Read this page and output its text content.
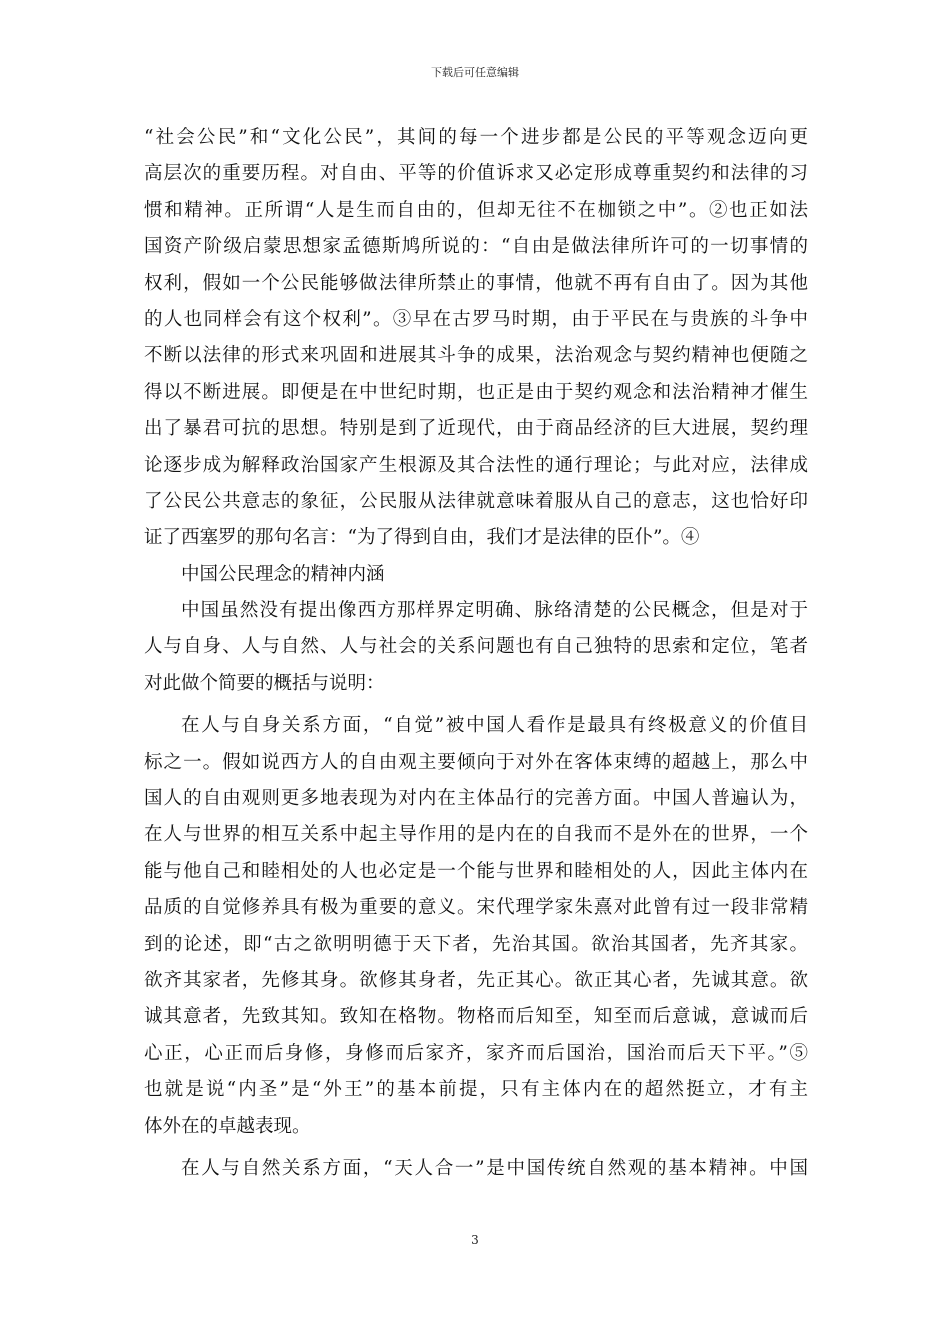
下载后可任意编辑
“社会公民”和“文化公民”，其间的每一个进步都是公民的平等观念迈向更
高层次的重要历程。对自由、平等的价值诉求又必定形成尊重契约和法律的习
惯和精神。正所谓“人是生而自由的，但却无往不在枷锁之中”。②也正如法
国资产阶级启蒙思想家孟德斯鸠所说的：“自由是做法律所许可的一切事情的
权利，假如一个公民能够做法律所禁止的事情，他就不再有自由了。因为其他
的人也同样会有这个权利”。③早在古罗马时期，由于平民在与贵族的斗争中
不断以法律的形式来巩固和进展其斗争的成果，法治观念与契约精神也便随之
得以不断进展。即便是在中世纪时期，也正是由于契约观念和法治精神才催生
出了暴君可抗的思想。特别是到了近现代，由于商品经济的巨大进展，契约理
论逐步成为解释政治国家产生根源及其合法性的通行理论；与此对应，法律成
了公民公共意志的象征，公民服从法律就意味着服从自己的意志，这也恰好印
证了西塞罗的那句名言：“为了得到自由，我们才是法律的臣仆”。④
中国公民理念的精神内涵
中国虽然没有提出像西方那样界定明确、脉络清楚的公民概念，但是对于
人与自身、人与自然、人与社会的关系问题也有自己独特的思索和定位，笔者
对此做个简要的概括与说明：
在人与自身关系方面，“自觉”被中国人看作是最具有终极意义的价值目
标之一。假如说西方人的自由观主要倾向于对外在客体束缚的超越上，那么中
国人的自由观则更多地表现为对内在主体品行的完善方面。中国人普遍认为，
在人与世界的相互关系中起主导作用的是内在的自我而不是外在的世界，一个
能与他自己和睦相处的人也必定是一个能与世界和睦相处的人，因此主体内在
品质的自觉修养具有极为重要的意义。宋代理学家朱熹对此曾有过一段非常精
到的论述，即“古之欲明明德于天下者，先治其国。欲治其国者，先齐其家。
欲齐其家者，先修其身。欲修其身者，先正其心。欲正其心者，先诚其意。欲
诚其意者，先致其知。致知在格物。物格而后知至，知至而后意诚，意诚而后
心正，心正而后身修，身修而后家齐，家齐而后国治，国治而后天下平。”⑤
也就是说“内圣”是“外王”的基本前提，只有主体内在的超然挺立，才有主
体外在的卓越表现。
在人与自然关系方面，“天人合一”是中国传统自然观的基本精神。中国
3
